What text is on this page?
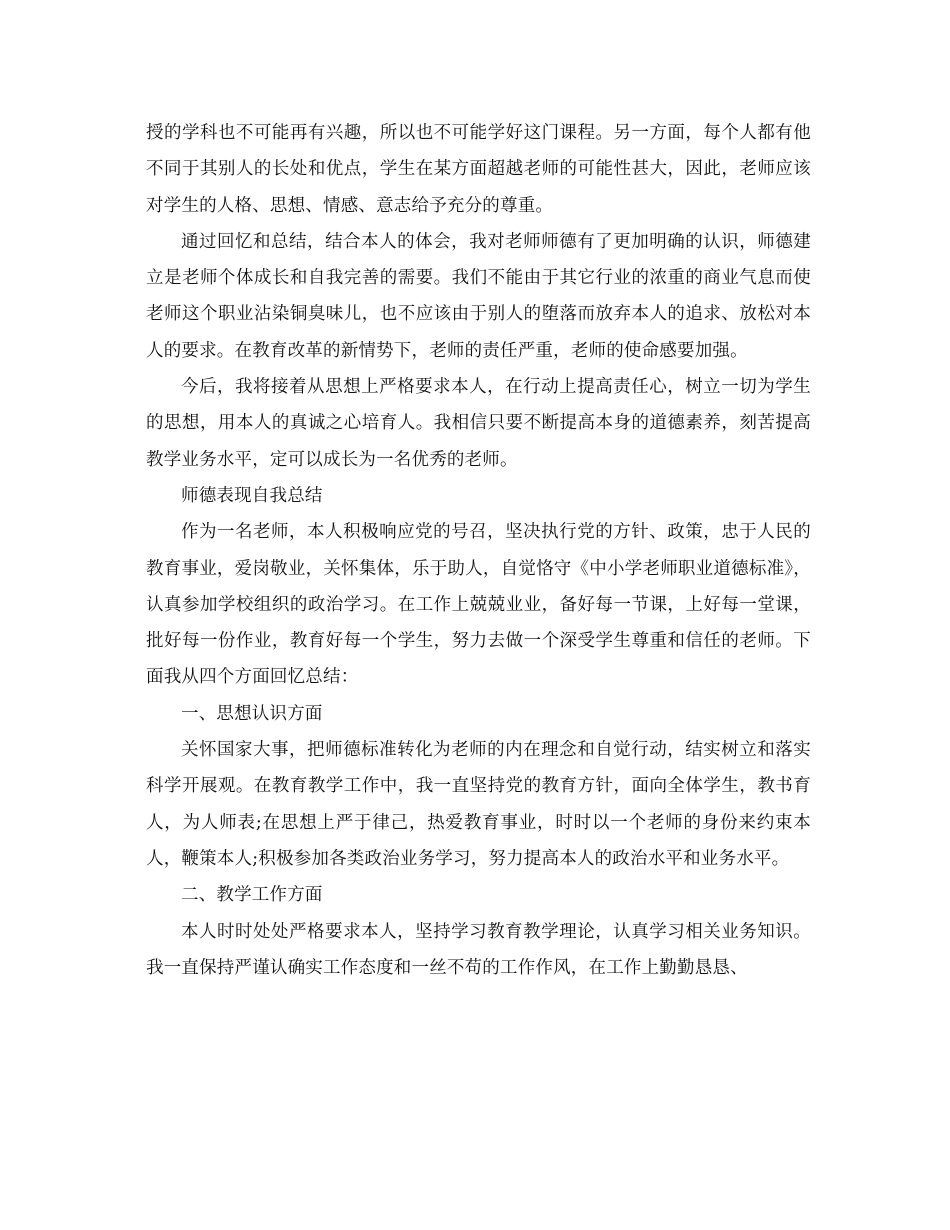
授的学科也不可能再有兴趣，所以也不可能学好这门课程。另一方面，每个人都有他不同于其别人的长处和优点，学生在某方面超越老师的可能性甚大，因此，老师应该对学生的人格、思想、情感、意志给予充分的尊重。

通过回忆和总结，结合本人的体会，我对老师师德有了更加明确的认识，师德建立是老师个体成长和自我完善的需要。我们不能由于其它行业的浓重的商业气息而使老师这个职业沾染铜臭味儿，也不应该由于别人的堕落而放弃本人的追求、放松对本人的要求。在教育改革的新情势下，老师的责任严重，老师的使命感要加强。

今后，我将接着从思想上严格要求本人，在行动上提高责任心，树立一切为学生的思想，用本人的真诚之心培育人。我相信只要不断提高本身的道德素养，刻苦提高教学业务水平，定可以成长为一名优秀的老师。

师德表现自我总结

作为一名老师，本人积极响应党的号召，坚决执行党的方针、政策，忠于人民的教育事业，爱岗敬业，关怀集体，乐于助人，自觉恪守《中小学老师职业道德标准》，认真参加学校组织的政治学习。在工作上兢兢业业，备好每一节课，上好每一堂课，批好每一份作业，教育好每一个学生，努力去做一个深受学生尊重和信任的老师。下面我从四个方面回忆总结：

一、思想认识方面

关怀国家大事，把师德标准转化为老师的内在理念和自觉行动，结实树立和落实科学开展观。在教育教学工作中，我一直坚持党的教育方针，面向全体学生，教书育人，为人师表;在思想上严于律己，热爱教育事业，时时以一个老师的身份来约束本人，鞭策本人;积极参加各类政治业务学习，努力提高本人的政治水平和业务水平。

二、教学工作方面

本人时时处处严格要求本人，坚持学习教育教学理论，认真学习相关业务知识。我一直保持严谨认确实工作态度和一丝不苟的工作作风，在工作上勤勤恳恳、
